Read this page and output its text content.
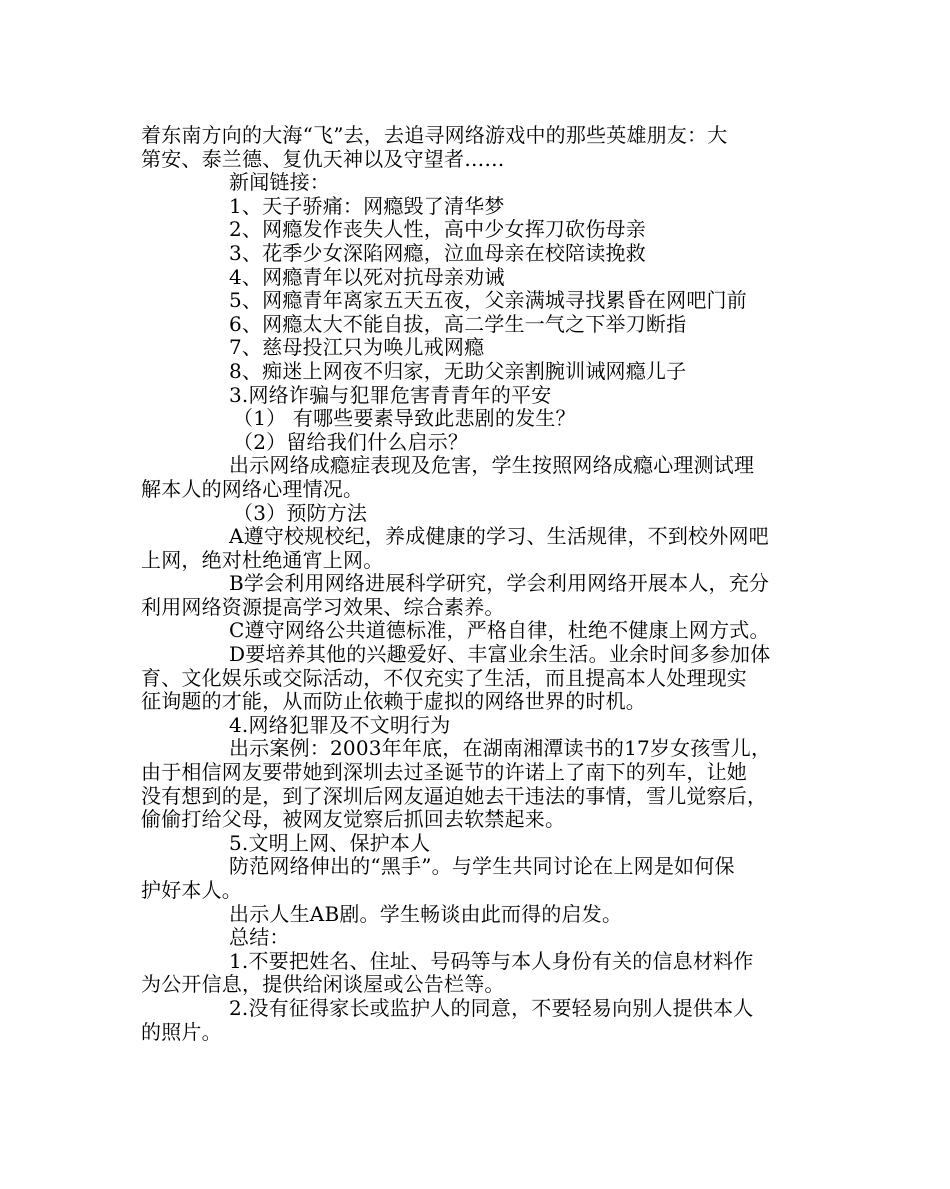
着东南方向的大海“飞”去，去追寻网络游戏中的那些英雄朋友：大
第安、泰兰德、复仇天神以及守望者……
新闻链接：
1、天子骄痛：网瘾毁了清华梦
2、网瘾发作丧失人性，高中少女挥刀砍伤母亲
3、花季少女深陷网瘾，泣血母亲在校陪读挽救
4、网瘾青年以死对抗母亲劝诫
5、网瘾青年离家五天五夜，父亲满城寻找累昏在网吧门前
6、网瘾太大不能自拔，高二学生一气之下举刀断指
7、慈母投江只为唤儿戒网瘾
8、痴迷上网夜不归家，无助父亲割腕训诫网瘾儿子
3.网络诈骗与犯罪危害青青年的平安
（1） 有哪些要素导致此悲剧的发生？
（2）留给我们什么启示？
出示网络成瘾症表现及危害，学生按照网络成瘾心理测试理
解本人的网络心理情况。
（3）预防方法
A遵守校规校纪，养成健康的学习、生活规律，不到校外网吧
上网，绝对杜绝通宵上网。
B学会利用网络进展科学研究，学会利用网络开展本人，充分
利用网络资源提高学习效果、综合素养。
C遵守网络公共道德标准，严格自律，杜绝不健康上网方式。
D要培养其他的兴趣爱好、丰富业余生活。业余时间多参加体
育、文化娱乐或交际活动，不仅充实了生活，而且提高本人处理现实
征询题的才能，从而防止依赖于虚拟的网络世界的时机。
4.网络犯罪及不文明行为
出示案例：2003年年底，在湖南湘潭读书的17岁女孩雪儿，
由于相信网友要带她到深圳去过圣诞节的许诺上了南下的列车，让她
没有想到的是，到了深圳后网友逼迫她去干违法的事情，雪儿觉察后，
偷偷打给父母，被网友觉察后抓回去软禁起来。
5.文明上网、保护本人
防范网络伸出的“黑手”。与学生共同讨论在上网是如何保
护好本人。
出示人生AB剧。学生畅谈由此而得的启发。
总结：
1.不要把姓名、住址、号码等与本人身份有关的信息材料作
为公开信息，提供给闲谈屋或公告栏等。
2.没有征得家长或监护人的同意，不要轻易向别人提供本人
的照片。
